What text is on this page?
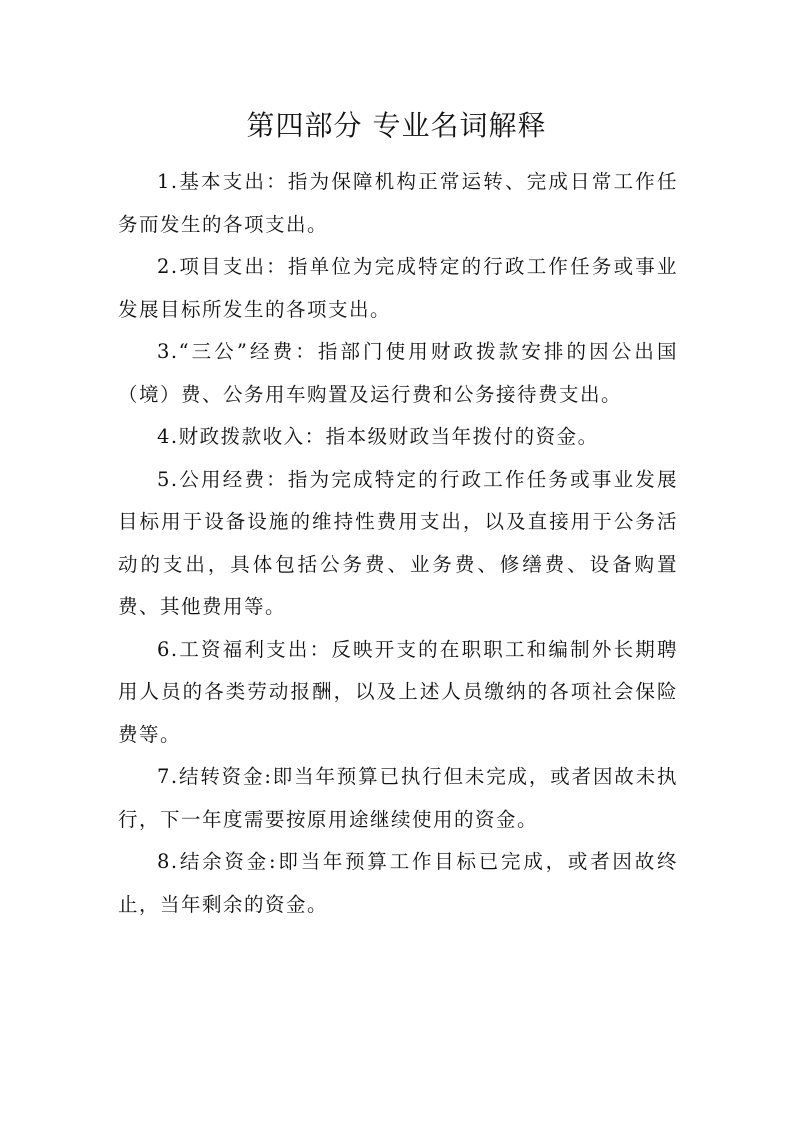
第四部分 专业名词解释

1.基本支出：指为保障机构正常运转、完成日常工作任务而发生的各项支出。

2.项目支出：指单位为完成特定的行政工作任务或事业发展目标所发生的各项支出。

3.“三公”经费：指部门使用财政拨款安排的因公出国（境）费、公务用车购置及运行费和公务接待费支出。

4.财政拨款收入：指本级财政当年拨付的资金。

5.公用经费：指为完成特定的行政工作任务或事业发展目标用于设备设施的维持性费用支出，以及直接用于公务活动的支出，具体包括公务费、业务费、修缮费、设备购置费、其他费用等。

6.工资福利支出：反映开支的在职职工和编制外长期聘用人员的各类劳动报酬，以及上述人员缴纳的各项社会保险费等。

7.结转资金:即当年预算已执行但未完成，或者因故未执行，下一年度需要按原用途继续使用的资金。

8.结余资金:即当年预算工作目标已完成，或者因故终止，当年剩余的资金。
